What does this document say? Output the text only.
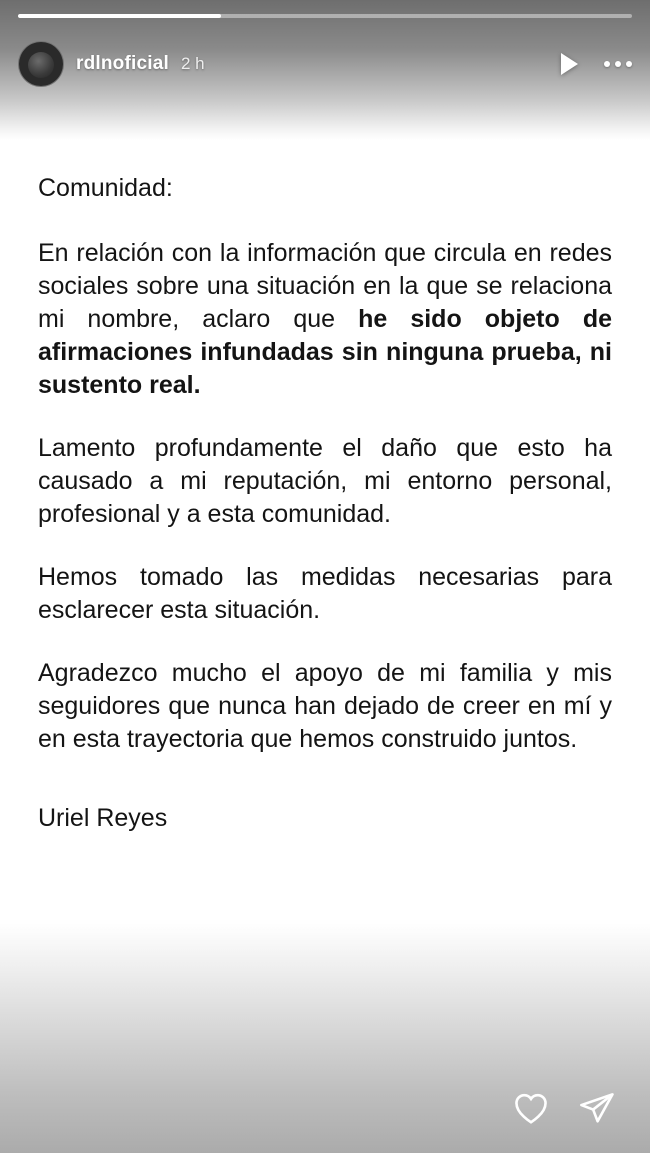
rdlnoficial 2 h

Comunidad:

En relación con la información que circula en redes sociales sobre una situación en la que se relaciona mi nombre, aclaro que he sido objeto de afirmaciones infundadas sin ninguna prueba, ni sustento real.

Lamento profundamente el daño que esto ha causado a mi reputación, mi entorno personal, profesional y a esta comunidad.

Hemos tomado las medidas necesarias para esclarecer esta situación.

Agradezco mucho el apoyo de mi familia y mis seguidores que nunca han dejado de creer en mí y en esta trayectoria que hemos construido juntos.

Uriel Reyes
